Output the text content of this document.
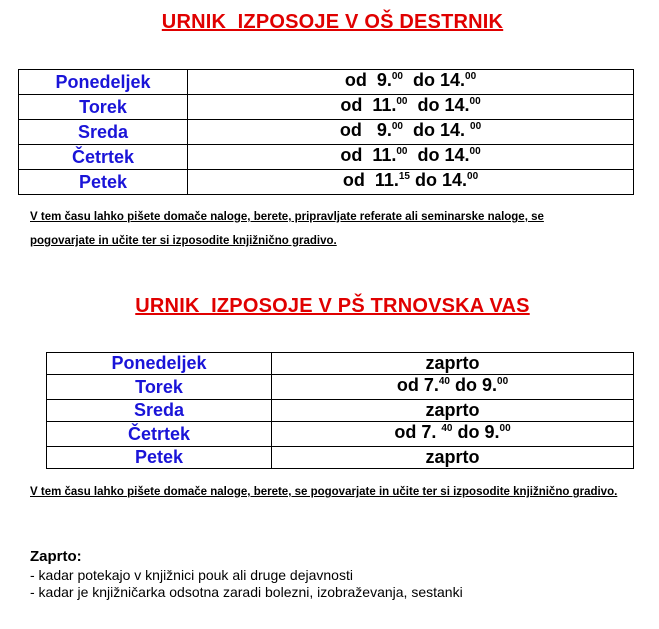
URNIK  IZPOSOJE V OŠ DESTRNIK
Ponedeljek	od  9.00  do 14.00
Torek	od  11.00  do 14.00
Sreda	od   9.00  do 14. $^{00}$
Četrtek	od  11.00  do 14.00
Petek	od  11.15 do 14.00
V tem času lahko pišete domače naloge, berete, pripravljate referate ali seminarske naloge, se pogovarjate in učite ter si izposodite knjižnično gradivo.
URNIK  IZPOSOJE V PŠ TRNOVSKA VAS
Ponedeljek	zaprto
Torek	od 7.40 do 9.00
Sreda	zaprto
Četrtek	od 7. $^{40}$ do 9.00
Petek	zaprto
V tem času lahko pišete domače naloge, berete, se pogovarjate in učite ter si izposodite knjižnično gradivo.
Zaprto:
- kadar potekajo v knjižnici pouk ali druge dejavnosti
- kadar je knjižničarka odsotna zaradi bolezni, izobraževanja, sestanki
